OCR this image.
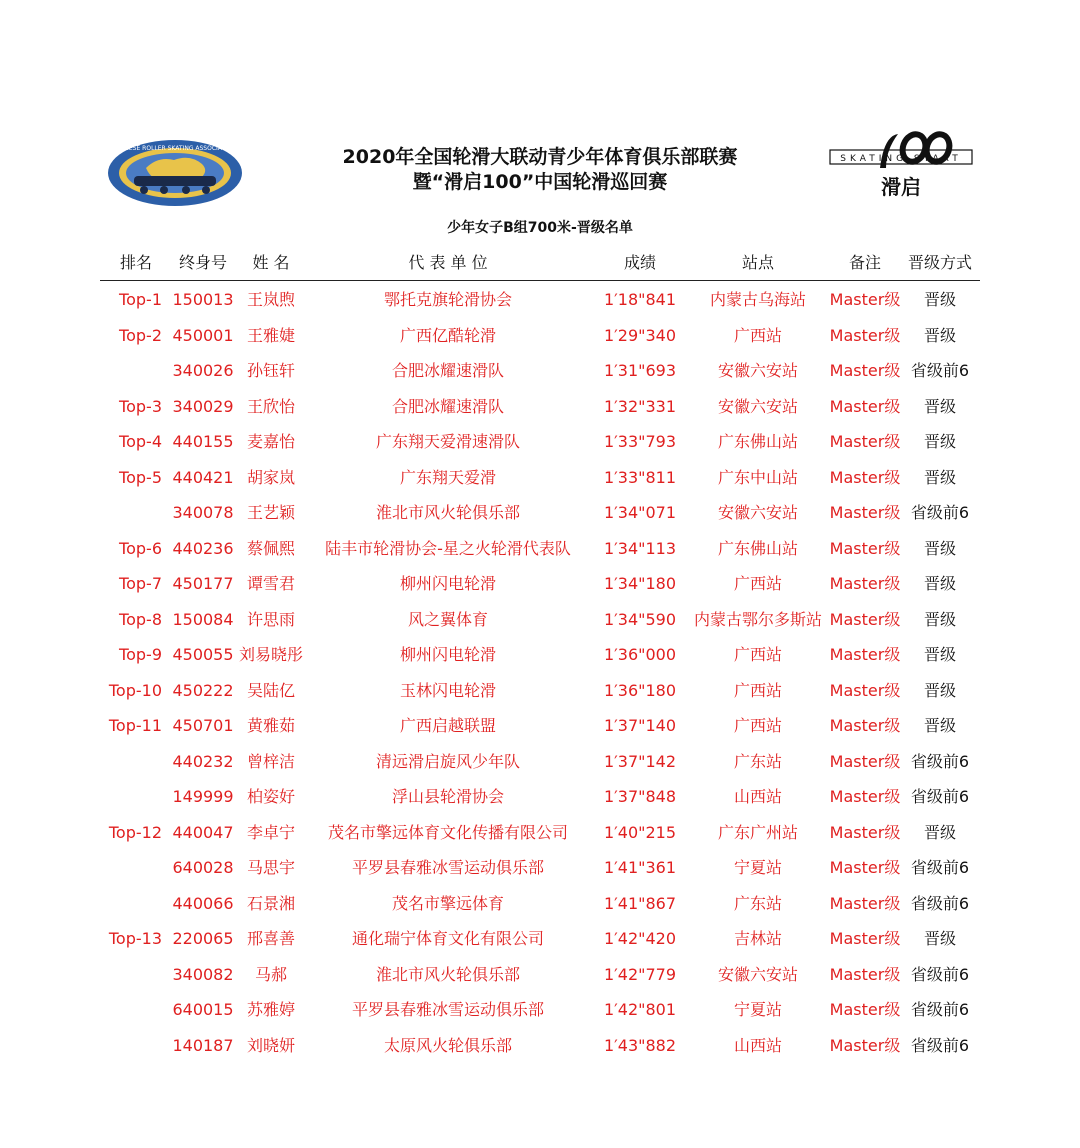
CHINESE ROLLER SKATING ASSOCIATION
SKATING START
滑启
2020年全国轮滑大联动青少年体育俱乐部联赛
暨“滑启100”中国轮滑巡回赛
少年女子B组700米-晋级名单
排名	终身号	姓 名	代 表 单 位	成绩	站点	备注	晋级方式
Top-1 150013 王岚煦	鄂托克旗轮滑协会	1′18"841	内蒙古乌海站	Master级	晋级
Top-2 450001 王雅婕	广西亿酷轮滑	1′29"340	广西站	Master级	晋级
340026 孙钰轩	合肥冰耀速滑队	1′31"693	安徽六安站	Master级 省级前6
Top-3 340029 王欣怡	合肥冰耀速滑队	1′32"331	安徽六安站	Master级	晋级
Top-4 440155 麦嘉怡	广东翔天爱滑速滑队	1′33"793	广东佛山站	Master级	晋级
Top-5 440421 胡家岚	广东翔天爱滑	1′33"811	广东中山站	Master级	晋级
340078 王艺颖	淮北市风火轮俱乐部	1′34"071	安徽六安站	Master级 省级前6
Top-6 440236 蔡佩熙	陆丰市轮滑协会-星之火轮滑代表队	1′34"113	广东佛山站	Master级	晋级
Top-7 450177 谭雪君	柳州闪电轮滑	1′34"180	广西站	Master级	晋级
Top-8 150084 许思雨	风之翼体育	1′34"590	内蒙古鄂尔多斯站 Master级	晋级
Top-9 450055 刘易晓彤	柳州闪电轮滑	1′36"000	广西站	Master级	晋级
Top-10 450222 吴陆亿	玉林闪电轮滑	1′36"180	广西站	Master级	晋级
Top-11 450701 黄雅茹	广西启越联盟	1′37"140	广西站	Master级	晋级
440232 曾梓洁	清远滑启旋风少年队	1′37"142	广东站	Master级 省级前6
149999 柏姿好	浮山县轮滑协会	1′37"848	山西站	Master级 省级前6
Top-12 440047 李卓宁	茂名市擎远体育文化传播有限公司	1′40"215	广东广州站	Master级	晋级
640028 马思宇	平罗县春雅冰雪运动俱乐部	1′41"361	宁夏站	Master级 省级前6
440066 石景湘	茂名市擎远体育	1′41"867	广东站	Master级 省级前6
Top-13 220065 邢喜善	通化瑞宁体育文化有限公司	1′42"420	吉林站	Master级	晋级
340082	马郝	淮北市风火轮俱乐部	1′42"779	安徽六安站	Master级 省级前6
640015 苏雅婷	平罗县春雅冰雪运动俱乐部	1′42"801	宁夏站	Master级 省级前6
140187 刘晓妍	太原风火轮俱乐部	1′43"882	山西站	Master级 省级前6
